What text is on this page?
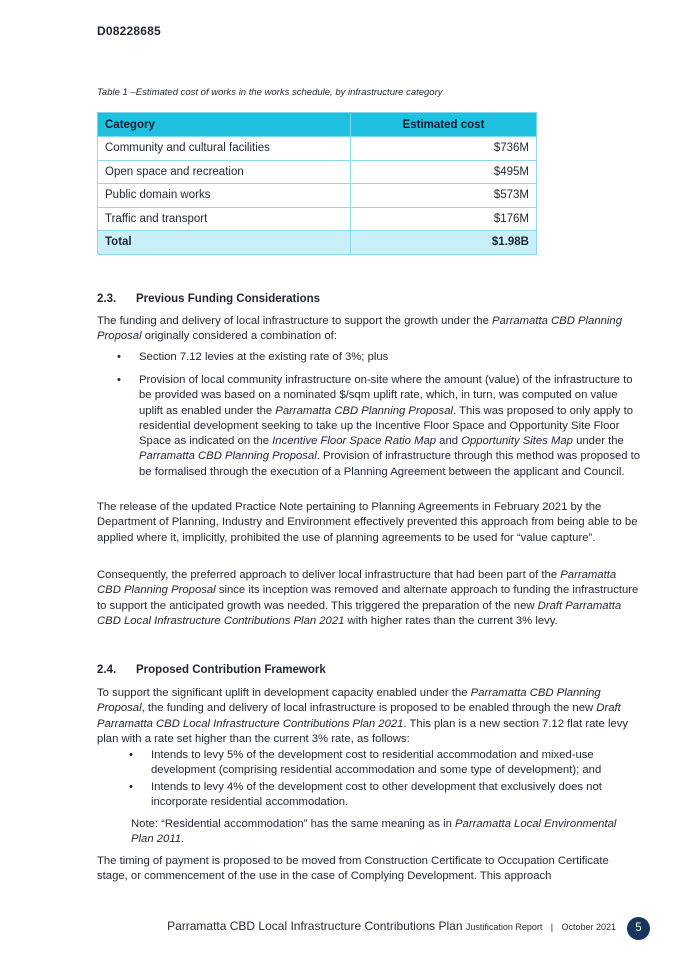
D08228685
Table 1 –Estimated cost of works in the works schedule, by infrastructure category
Category	Estimated cost
Community and cultural facilities	$736M
Open space and recreation	$495M
Public domain works	$573M
Traffic and transport	$176M
Total	$1.98B
2.3. Previous Funding Considerations
The funding and delivery of local infrastructure to support the growth under the Parramatta CBD Planning Proposal originally considered a combination of:
• Section 7.12 levies at the existing rate of 3%; plus
• Provision of local community infrastructure on-site where the amount (value) of the infrastructure to be provided was based on a nominated $/sqm uplift rate, which, in turn, was computed on value uplift as enabled under the Parramatta CBD Planning Proposal. This was proposed to only apply to residential development seeking to take up the Incentive Floor Space and Opportunity Site Floor Space as indicated on the Incentive Floor Space Ratio Map and Opportunity Sites Map under the Parramatta CBD Planning Proposal. Provision of infrastructure through this method was proposed to be formalised through the execution of a Planning Agreement between the applicant and Council.
The release of the updated Practice Note pertaining to Planning Agreements in February 2021 by the Department of Planning, Industry and Environment effectively prevented this approach from being able to be applied where it, implicitly, prohibited the use of planning agreements to be used for “value capture”.
Consequently, the preferred approach to deliver local infrastructure that had been part of the Parramatta CBD Planning Proposal since its inception was removed and alternate approach to funding the infrastructure to support the anticipated growth was needed. This triggered the preparation of the new Draft Parramatta CBD Local Infrastructure Contributions Plan 2021 with higher rates than the current 3% levy.
2.4. Proposed Contribution Framework
To support the significant uplift in development capacity enabled under the Parramatta CBD Planning Proposal, the funding and delivery of local infrastructure is proposed to be enabled through the new Draft Parramatta CBD Local Infrastructure Contributions Plan 2021. This plan is a new section 7.12 flat rate levy plan with a rate set higher than the current 3% rate, as follows:
• Intends to levy 5% of the development cost to residential accommodation and mixed-use development (comprising residential accommodation and some type of development); and
• Intends to levy 4% of the development cost to other development that exclusively does not incorporate residential accommodation.
Note: “Residential accommodation” has the same meaning as in Parramatta Local Environmental Plan 2011.
The timing of payment is proposed to be moved from Construction Certificate to Occupation Certificate stage, or commencement of the use in the case of Complying Development. This approach
Parramatta CBD Local Infrastructure Contributions Plan Justification Report | October 2021	5
